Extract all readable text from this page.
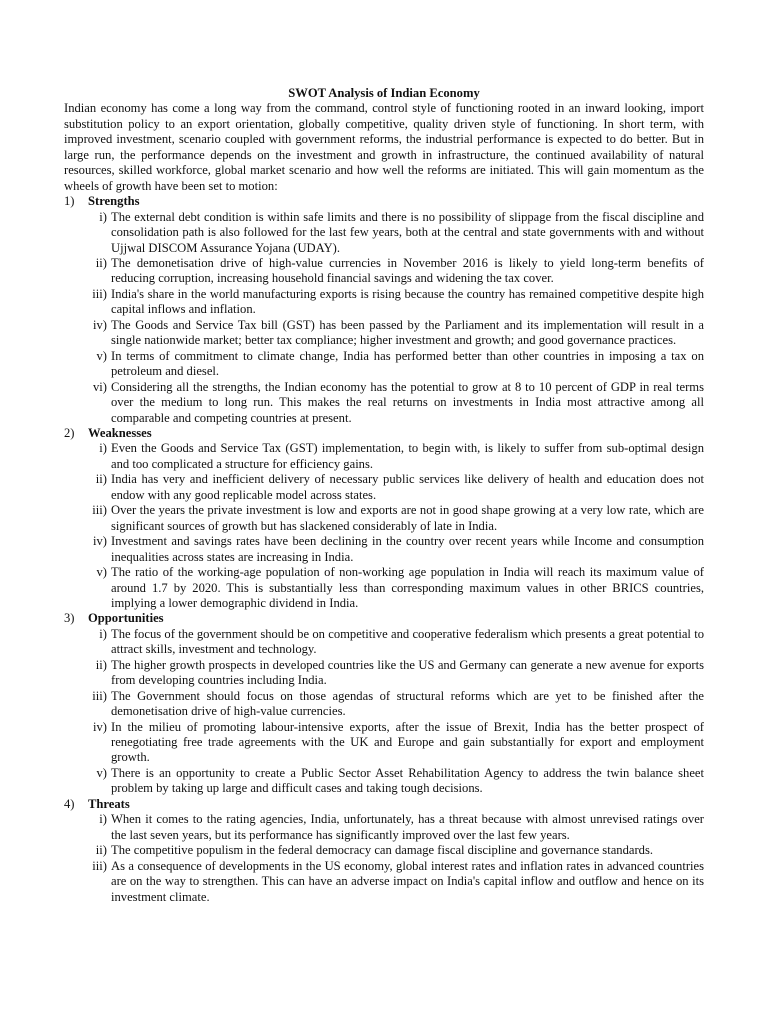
SWOT Analysis of Indian Economy

Indian economy has come a long way from the command, control style of functioning rooted in an inward looking, import substitution policy to an export orientation, globally competitive, quality driven style of functioning. In short term, with improved investment, scenario coupled with government reforms, the industrial performance is expected to do better. But in large run, the performance depends on the investment and growth in infrastructure, the continued availability of natural resources, skilled workforce, global market scenario and how well the reforms are initiated. This will gain momentum as the wheels of growth have been set to motion:

1) Strengths
i) The external debt condition is within safe limits and there is no possibility of slippage from the fiscal discipline and consolidation path is also followed for the last few years, both at the central and state governments with and without Ujjwal DISCOM Assurance Yojana (UDAY).
ii) The demonetisation drive of high-value currencies in November 2016 is likely to yield long-term benefits of reducing corruption, increasing household financial savings and widening the tax cover.
iii) India's share in the world manufacturing exports is rising because the country has remained competitive despite high capital inflows and inflation.
iv) The Goods and Service Tax bill (GST) has been passed by the Parliament and its implementation will result in a single nationwide market; better tax compliance; higher investment and growth; and good governance practices.
v) In terms of commitment to climate change, India has performed better than other countries in imposing a tax on petroleum and diesel.
vi) Considering all the strengths, the Indian economy has the potential to grow at 8 to 10 percent of GDP in real terms over the medium to long run. This makes the real returns on investments in India most attractive among all comparable and competing countries at present.
2) Weaknesses
i) Even the Goods and Service Tax (GST) implementation, to begin with, is likely to suffer from sub-optimal design and too complicated a structure for efficiency gains.
ii) India has very and inefficient delivery of necessary public services like delivery of health and education does not endow with any good replicable model across states.
iii) Over the years the private investment is low and exports are not in good shape growing at a very low rate, which are significant sources of growth but has slackened considerably of late in India.
iv) Investment and savings rates have been declining in the country over recent years while Income and consumption inequalities across states are increasing in India.
v) The ratio of the working-age population of non-working age population in India will reach its maximum value of around 1.7 by 2020. This is substantially less than corresponding maximum values in other BRICS countries, implying a lower demographic dividend in India.
3) Opportunities
i) The focus of the government should be on competitive and cooperative federalism which presents a great potential to attract skills, investment and technology.
ii) The higher growth prospects in developed countries like the US and Germany can generate a new avenue for exports from developing countries including India.
iii) The Government should focus on those agendas of structural reforms which are yet to be finished after the demonetisation drive of high-value currencies.
iv) In the milieu of promoting labour-intensive exports, after the issue of Brexit, India has the better prospect of renegotiating free trade agreements with the UK and Europe and gain substantially for export and employment growth.
v) There is an opportunity to create a Public Sector Asset Rehabilitation Agency to address the twin balance sheet problem by taking up large and difficult cases and taking tough decisions.
4) Threats
i) When it comes to the rating agencies, India, unfortunately, has a threat because with almost unrevised ratings over the last seven years, but its performance has significantly improved over the last few years.
ii) The competitive populism in the federal democracy can damage fiscal discipline and governance standards.
iii) As a consequence of developments in the US economy, global interest rates and inflation rates in advanced countries are on the way to strengthen. This can have an adverse impact on India's capital inflow and outflow and hence on its investment climate.
